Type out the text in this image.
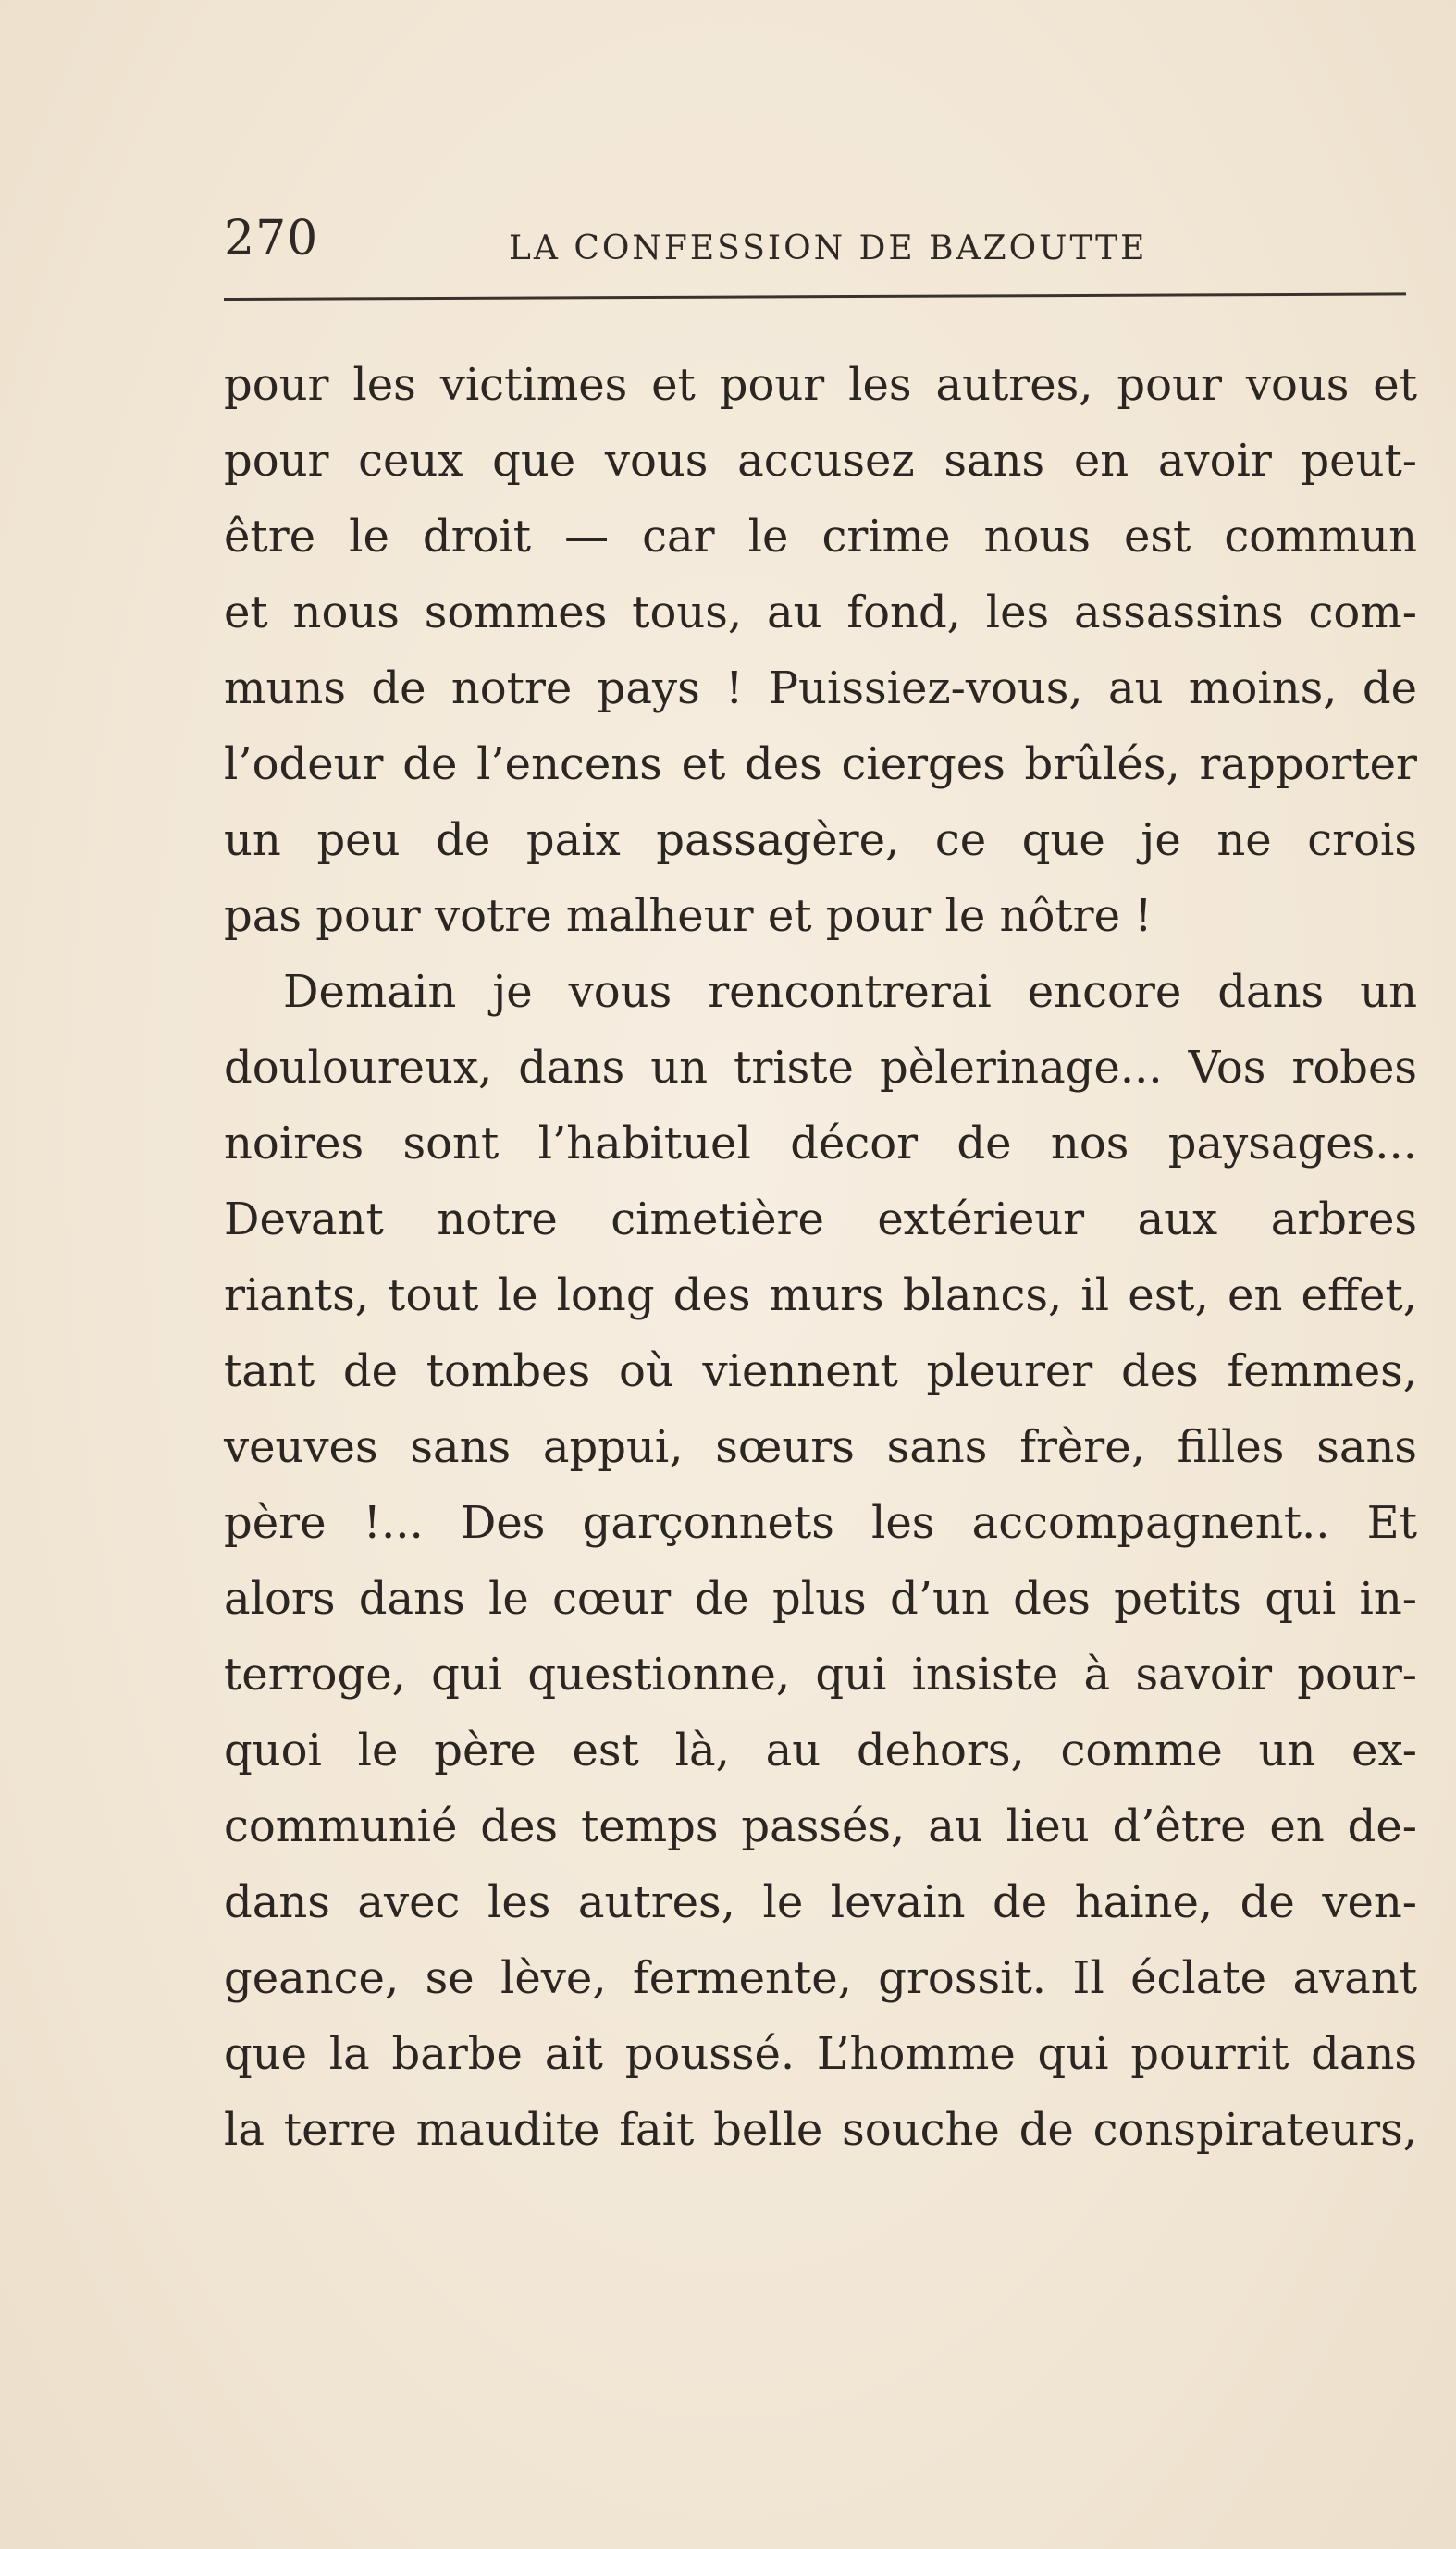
270	LA CONFESSION DE BAZOUTTE
pour les victimes et pour les autres, pour vous et
pour ceux que vous accusez sans en avoir peut-
être le droit — car le crime nous est commun
et nous sommes tous, au fond, les assassins com-
muns de notre pays ! Puissiez-vous, au moins, de
l’odeur de l’encens et des cierges brûlés, rapporter
un peu de paix passagère, ce que je ne crois
pas pour votre malheur et pour le nôtre !
Demain je vous rencontrerai encore dans un
douloureux, dans un triste pèlerinage... Vos robes
noires sont l’habituel décor de nos paysages...
Devant notre cimetière extérieur aux arbres
riants, tout le long des murs blancs, il est, en effet,
tant de tombes où viennent pleurer des femmes,
veuves sans appui, sœurs sans frère, filles sans
père !... Des garçonnets les accompagnent.. Et
alors dans le cœur de plus d’un des petits qui in-
terroge, qui questionne, qui insiste à savoir pour-
quoi le père est là, au dehors, comme un ex-
communié des temps passés, au lieu d’être en de-
dans avec les autres, le levain de haine, de ven-
geance, se lève, fermente, grossit. Il éclate avant
que la barbe ait poussé. L’homme qui pourrit dans
la terre maudite fait belle souche de conspirateurs,
